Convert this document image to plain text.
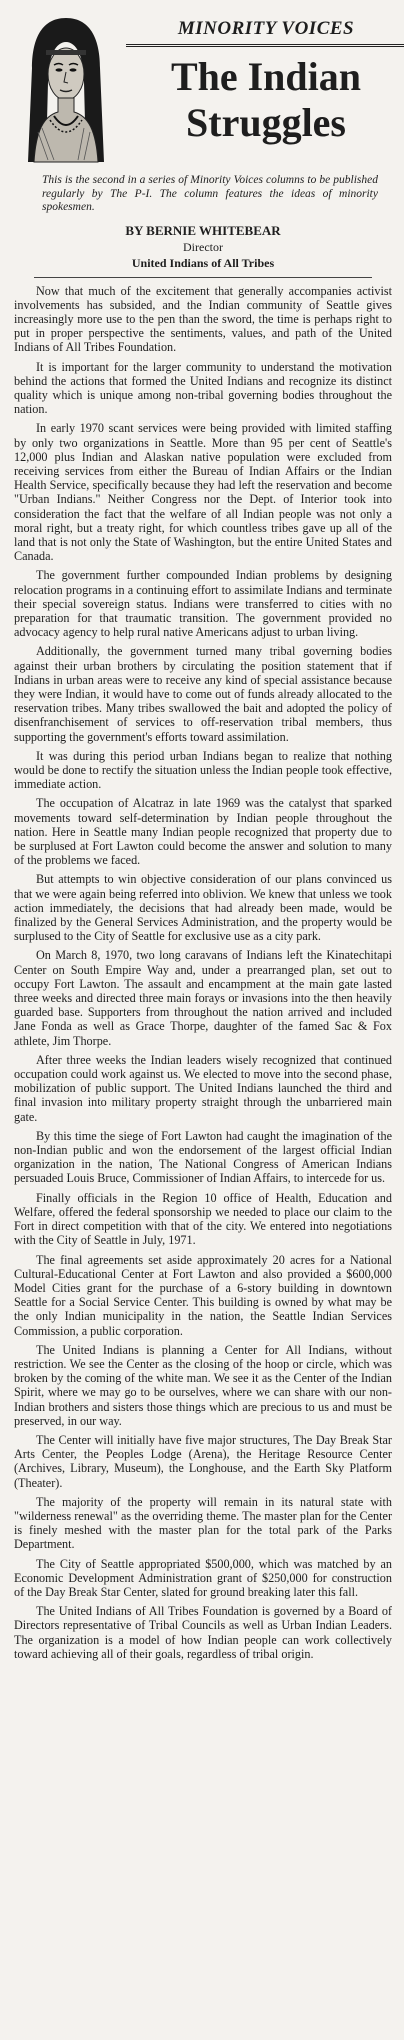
MINORITY VOICES
The Indian
Struggles
This is the second in a series of Minority Voices columns to be published regularly by The P-I. The column features the ideas of minority spokesmen.
BY BERNIE WHITEBEAR
Director
United Indians of All Tribes

Now that much of the excitement that generally accompanies activist involvements has subsided, and the Indian community of Seattle gives increasingly more use to the pen than the sword, the time is perhaps right to put in proper perspective the sentiments, values, and path of the United Indians of All Tribes Foundation.

It is important for the larger community to understand the motivation behind the actions that formed the United Indians and recognize its distinct quality which is unique among non-tribal governing bodies throughout the nation.

In early 1970 scant services were being provided with limited staffing by only two organizations in Seattle. More than 95 per cent of Seattle's 12,000 plus Indian and Alaskan native population were excluded from receiving services from either the Bureau of Indian Affairs or the Indian Health Service, specifically because they had left the reservation and become "Urban Indians." Neither Congress nor the Dept. of Interior took into consideration the fact that the welfare of all Indian people was not only a moral right, but a treaty right, for which countless tribes gave up all of the land that is not only the State of Washington, but the entire United States and Canada.

The government further compounded Indian problems by designing relocation programs in a continuing effort to assimilate Indians and terminate their special sovereign status. Indians were transferred to cities with no preparation for that traumatic transition. The government provided no advocacy agency to help rural native Americans adjust to urban living.

Additionally, the government turned many tribal governing bodies against their urban brothers by circulating the position statement that if Indians in urban areas were to receive any kind of special assistance because they were Indian, it would have to come out of funds already allocated to the reservation tribes. Many tribes swallowed the bait and adopted the policy of disenfranchisement of services to off-reservation tribal members, thus supporting the government's efforts toward assimilation.

It was during this period urban Indians began to realize that nothing would be done to rectify the situation unless the Indian people took effective, immediate action.

The occupation of Alcatraz in late 1969 was the catalyst that sparked movements toward self-determination by Indian people throughout the nation. Here in Seattle many Indian people recognized that property due to be surplused at Fort Lawton could become the answer and solution to many of the problems we faced.

But attempts to win objective consideration of our plans convinced us that we were again being referred into oblivion. We knew that unless we took action immediately, the decisions that had already been made, would be finalized by the General Services Administration, and the property would be surplused to the City of Seattle for exclusive use as a city park.

On March 8, 1970, two long caravans of Indians left the Kinatechitapi Center on South Empire Way and, under a prearranged plan, set out to occupy Fort Lawton. The assault and encampment at the main gate lasted three weeks and directed three main forays or invasions into the then heavily guarded base. Supporters from throughout the nation arrived and included Jane Fonda as well as Grace Thorpe, daughter of the famed Sac & Fox athlete, Jim Thorpe.

After three weeks the Indian leaders wisely recognized that continued occupation could work against us. We elected to move into the second phase, mobilization of public support. The United Indians launched the third and final invasion into military property straight through the unbarriered main gate.

By this time the siege of Fort Lawton had caught the imagination of the non-Indian public and won the endorsement of the largest official Indian organization in the nation, The National Congress of American Indians persuaded Louis Bruce, Commissioner of Indian Affairs, to intercede for us.

Finally officials in the Region 10 office of Health, Education and Welfare, offered the federal sponsorship we needed to place our claim to the Fort in direct competition with that of the city. We entered into negotiations with the City of Seattle in July, 1971.

The final agreements set aside approximately 20 acres for a National Cultural-Educational Center at Fort Lawton and also provided a $600,000 Model Cities grant for the purchase of a 6-story building in downtown Seattle for a Social Service Center. This building is owned by what may be the only Indian municipality in the nation, the Seattle Indian Services Commission, a public corporation.

The United Indians is planning a Center for All Indians, without restriction. We see the Center as the closing of the hoop or circle, which was broken by the coming of the white man. We see it as the Center of the Indian Spirit, where we may go to be ourselves, where we can share with our non-Indian brothers and sisters those things which are precious to us and must be preserved, in our way.

The Center will initially have five major structures, The Day Break Star Arts Center, the Peoples Lodge (Arena), the Heritage Resource Center (Archives, Library, Museum), the Longhouse, and the Earth Sky Platform (Theater).

The majority of the property will remain in its natural state with "wilderness renewal" as the overriding theme. The master plan for the Center is finely meshed with the master plan for the total park of the Parks Department.

The City of Seattle appropriated $500,000, which was matched by an Economic Development Administration grant of $250,000 for construction of the Day Break Star Center, slated for ground breaking later this fall.

The United Indians of All Tribes Foundation is governed by a Board of Directors representative of Tribal Councils as well as Urban Indian Leaders. The organization is a model of how Indian people can work collectively toward achieving all of their goals, regardless of tribal origin.
